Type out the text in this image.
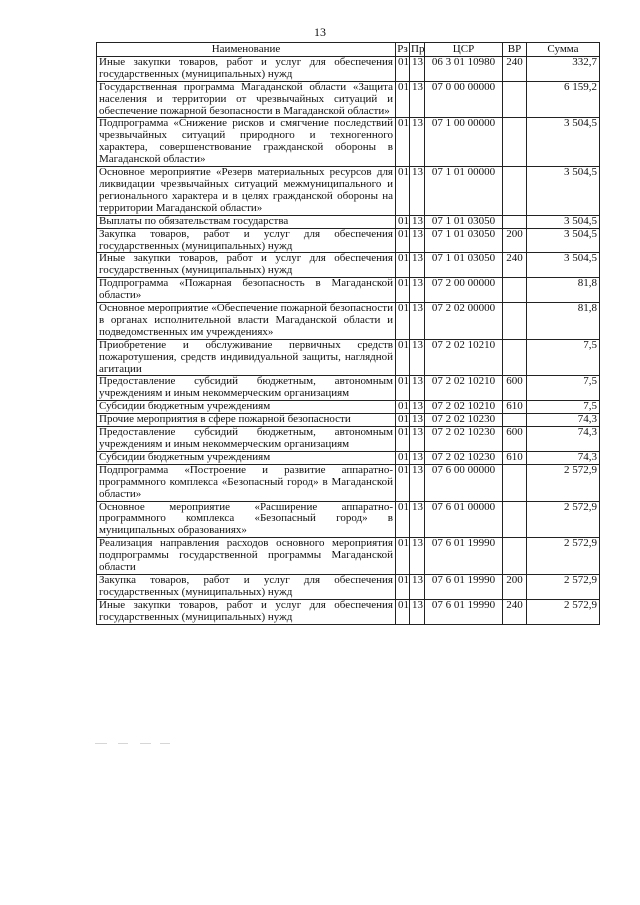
13
Наименование	Рз	Пр	ЦСР	ВР	Сумма
Иные закупки товаров, работ и услуг для обеспечения государственных (муниципальных) нужд	01	13	06 3 01 10980	240	332,7
Государственная программа Магаданской области «Защита населения и территории от чрезвычайных ситуаций и обеспечение пожарной безопасности в Магаданской области»	01	13	07 0 00 00000		6 159,2
Подпрограмма «Снижение рисков и смягчение последствий чрезвычайных ситуаций природного и техногенного характера, совершенствование гражданской обороны в Магаданской области»	01	13	07 1 00 00000		3 504,5
Основное мероприятие «Резерв материальных ресурсов для ликвидации чрезвычайных ситуаций межмуниципального и регионального характера и в целях гражданской обороны на территории Магаданской области»	01	13	07 1 01 00000		3 504,5
Выплаты по обязательствам государства	01	13	07 1 01 03050		3 504,5
Закупка товаров, работ и услуг для обеспечения государственных (муниципальных) нужд	01	13	07 1 01 03050	200	3 504,5
Иные закупки товаров, работ и услуг для обеспечения государственных (муниципальных) нужд	01	13	07 1 01 03050	240	3 504,5
Подпрограмма «Пожарная безопасность в Магаданской области»	01	13	07 2 00 00000		81,8
Основное мероприятие «Обеспечение пожарной безопасности в органах исполнительной власти Магаданской области и подведомственных им учреждениях»	01	13	07 2 02 00000		81,8
Приобретение и обслуживание первичных средств пожаротушения, средств индивидуальной защиты, наглядной агитации	01	13	07 2 02 10210		7,5
Предоставление субсидий бюджетным, автономным учреждениям и иным некоммерческим организациям	01	13	07 2 02 10210	600	7,5
Субсидии бюджетным учреждениям	01	13	07 2 02 10210	610	7,5
Прочие мероприятия в сфере пожарной безопасности	01	13	07 2 02 10230		74,3
Предоставление субсидий бюджетным, автономным учреждениям и иным некоммерческим организациям	01	13	07 2 02 10230	600	74,3
Субсидии бюджетным учреждениям	01	13	07 2 02 10230	610	74,3
Подпрограмма «Построение и развитие аппаратно-программного комплекса «Безопасный город» в Магаданской области»	01	13	07 6 00 00000		2 572,9
Основное мероприятие «Расширение аппаратно-программного комплекса «Безопасный город» в муниципальных образованиях»	01	13	07 6 01 00000		2 572,9
Реализация направления расходов основного мероприятия подпрограммы государственной программы Магаданской области	01	13	07 6 01 19990		2 572,9
Закупка товаров, работ и услуг для обеспечения государственных (муниципальных) нужд	01	13	07 6 01 19990	200	2 572,9
Иные закупки товаров, работ и услуг для обеспечения государственных (муниципальных) нужд	01	13	07 6 01 19990	240	2 572,9
